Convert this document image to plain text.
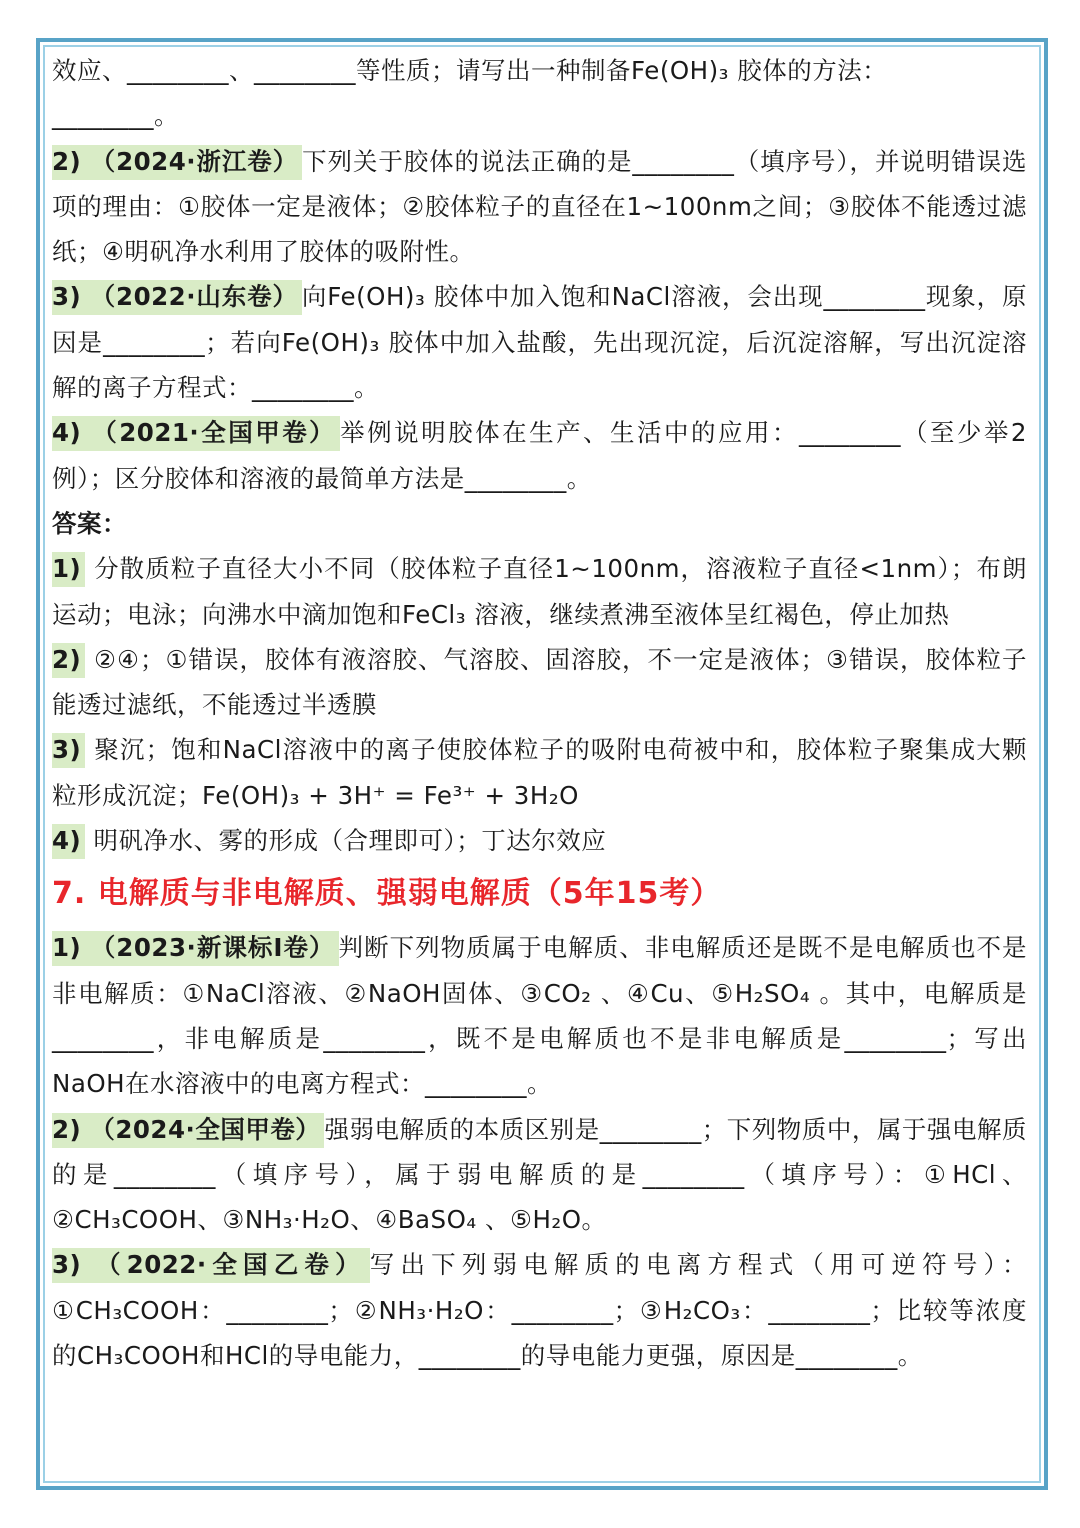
效应、________、________等性质；请写出一种制备Fe(OH)₃ 胶体的方法：

________。

2) （2024·浙江卷） 下列关于胶体的说法正确的是________（填序号），并说明错误选项的理由：①胶体一定是液体；②胶体粒子的直径在1~100nm之间；③胶体不能透过滤纸；④明矾净水利用了胶体的吸附性。

3) （2022·山东卷） 向Fe(OH)₃ 胶体中加入饱和NaCl溶液，会出现________现象，原因是________；若向Fe(OH)₃ 胶体中加入盐酸，先出现沉淀，后沉淀溶解，写出沉淀溶解的离子方程式：________。

4) （2021·全国甲卷） 举例说明胶体在生产、生活中的应用：________（至少举2例）；区分胶体和溶液的最简单方法是________。

答案：

1) 分散质粒子直径大小不同（胶体粒子直径1~100nm，溶液粒子直径<1nm）；布朗运动；电泳；向沸水中滴加饱和FeCl₃ 溶液，继续煮沸至液体呈红褐色，停止加热

2) ②④；①错误，胶体有液溶胶、气溶胶、固溶胶，不一定是液体；③错误，胶体粒子能透过滤纸，不能透过半透膜

3) 聚沉；饱和NaCl溶液中的离子使胶体粒子的吸附电荷被中和，胶体粒子聚集成大颗粒形成沉淀；Fe(OH)₃ + 3H⁺ = Fe³⁺ + 3H₂O

4) 明矾净水、雾的形成（合理即可）；丁达尔效应

7. 电解质与非电解质、强弱电解质（5年15考）

1) （2023·新课标Ⅰ卷） 判断下列物质属于电解质、非电解质还是既不是电解质也不是非电解质：①NaCl溶液、②NaOH固体、③CO₂ 、④Cu、⑤H₂SO₄ 。其中，电解质是________，非电解质是________，既不是电解质也不是非电解质是________；写出NaOH在水溶液中的电离方程式：________。

2) （2024·全国甲卷） 强弱电解质的本质区别是________；下列物质中，属于强电解质的是________（填序号），属于弱电解质的是________（填序号）：①HCl、②CH₃COOH、③NH₃·H₂O、④BaSO₄ 、⑤H₂O。

3) （2022·全国乙卷） 写出下列弱电解质的电离方程式（用可逆符号）：①CH₃COOH：________；②NH₃·H₂O：________；③H₂CO₃：________；比较等浓度的CH₃COOH和HCl的导电能力，________的导电能力更强，原因是________。
